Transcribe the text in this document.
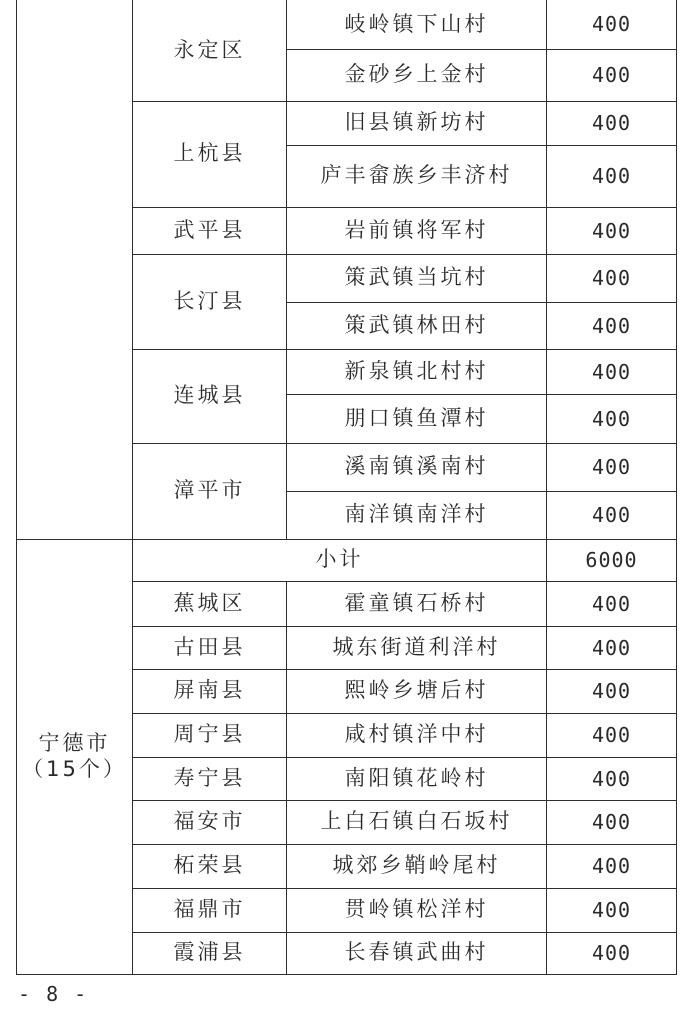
	永定区	岐岭镇下山村	400
		金砂乡上金村	400
	上杭县	旧县镇新坊村	400
		庐丰畲族乡丰济村	400
	武平县	岩前镇将军村	400
	长汀县	策武镇当坑村	400
		策武镇林田村	400
	连城县	新泉镇北村村	400
		朋口镇鱼潭村	400
	漳平市	溪南镇溪南村	400
		南洋镇南洋村	400

宁德市
（15个）	小计		6000
	蕉城区	霍童镇石桥村	400
	古田县	城东街道利洋村	400
	屏南县	熙岭乡塘后村	400
	周宁县	咸村镇洋中村	400
	寿宁县	南阳镇花岭村	400
	福安市	上白石镇白石坂村	400
	柘荣县	城郊乡鞘岭尾村	400
	福鼎市	贯岭镇松洋村	400
	霞浦县	长春镇武曲村	400
- 8 -
